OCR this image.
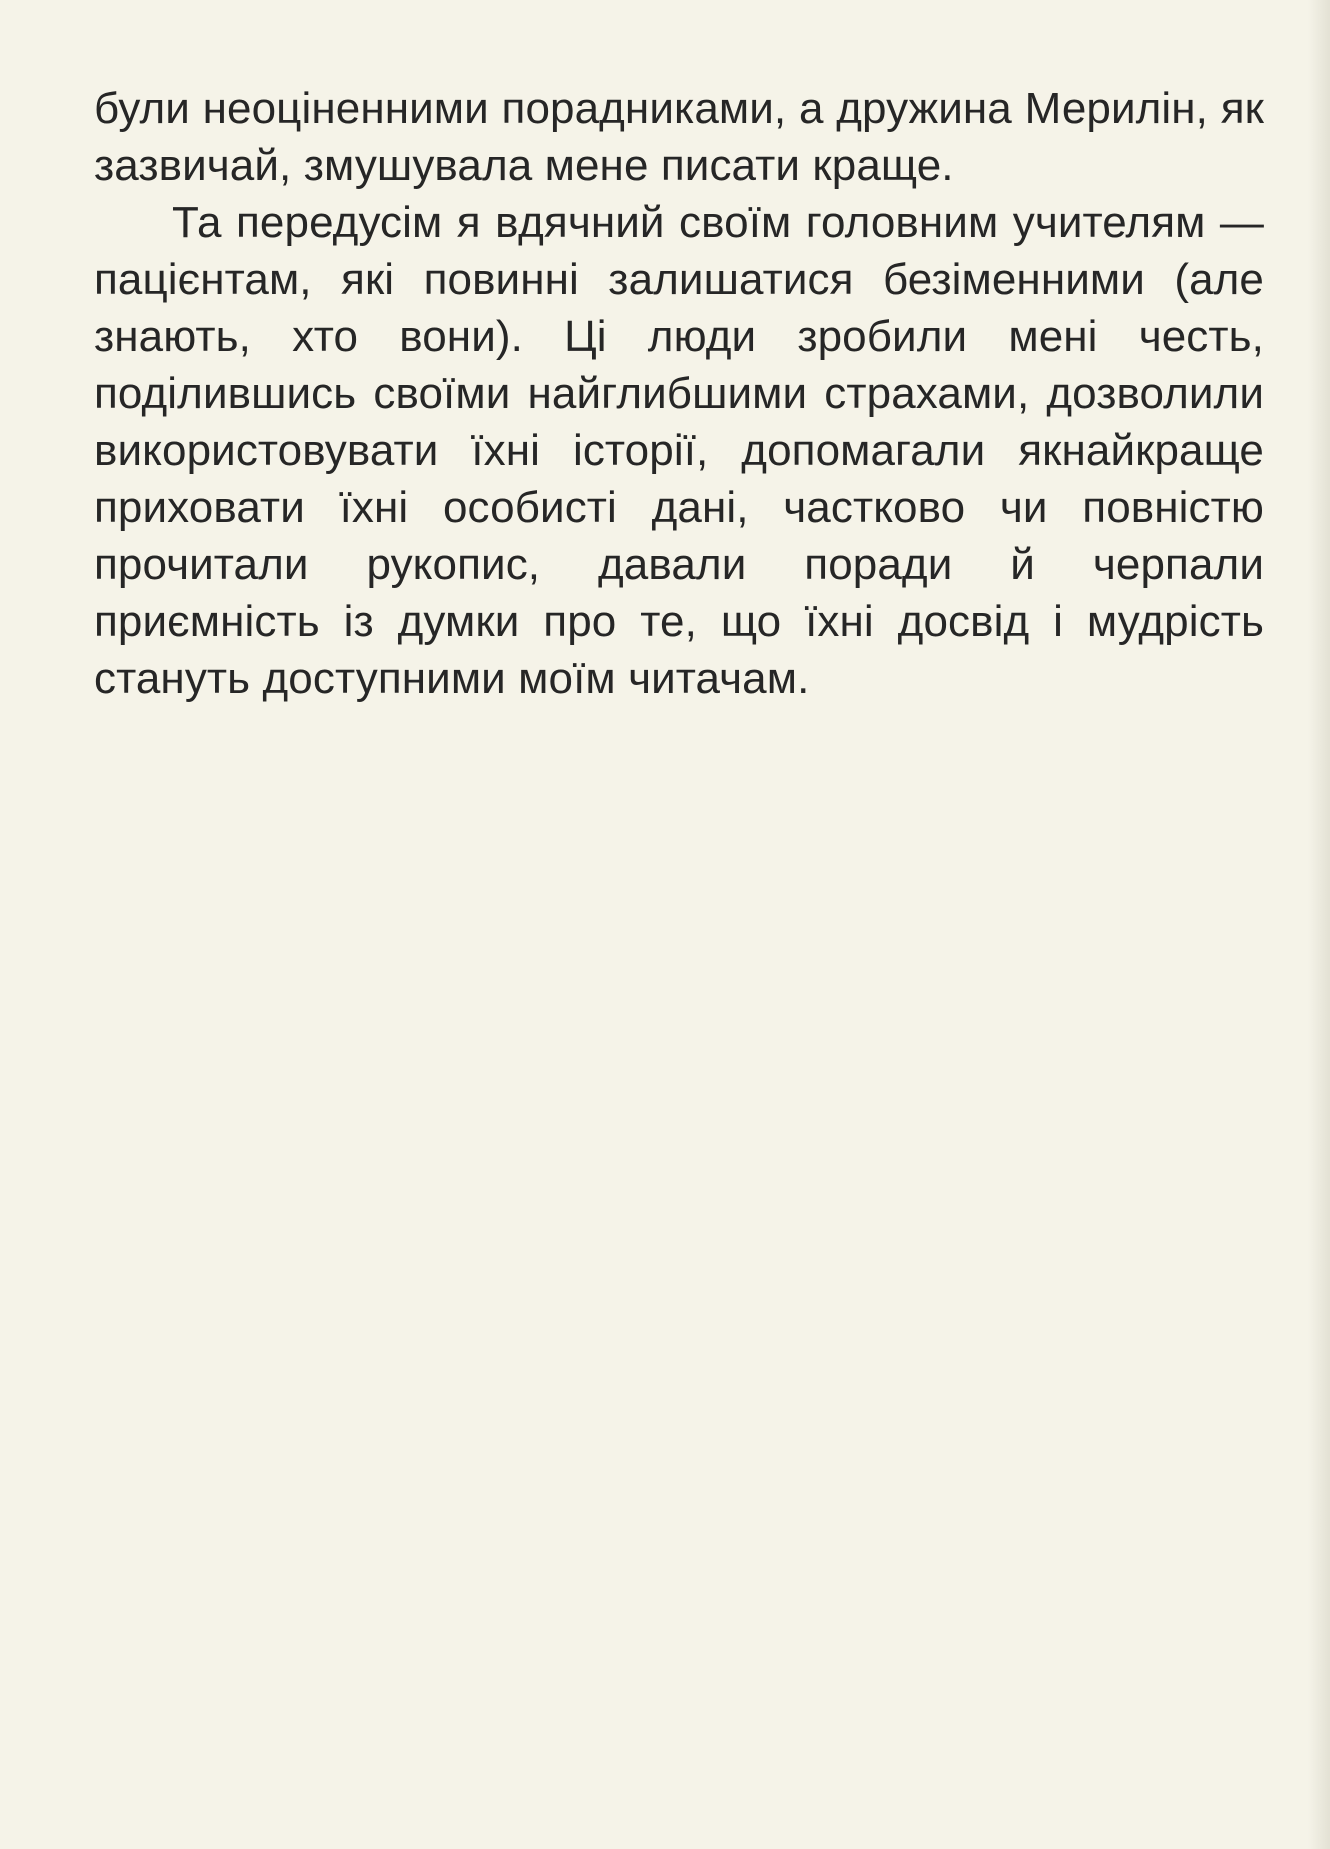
були неоціненними порадниками, а дружина Мерилін, як зазвичай, змушувала мене писати краще.

Та передусім я вдячний своїм головним учителям — пацієнтам, які повинні залишатися безіменними (але знають, хто вони). Ці люди зробили мені честь, поділившись своїми найглибшими страхами, дозволили використовувати їхні історії, допомагали якнайкраще приховати їхні особисті дані, частково чи повністю прочитали рукопис, давали поради й черпали приємність із думки про те, що їхні досвід і мудрість стануть доступними моїм читачам.
